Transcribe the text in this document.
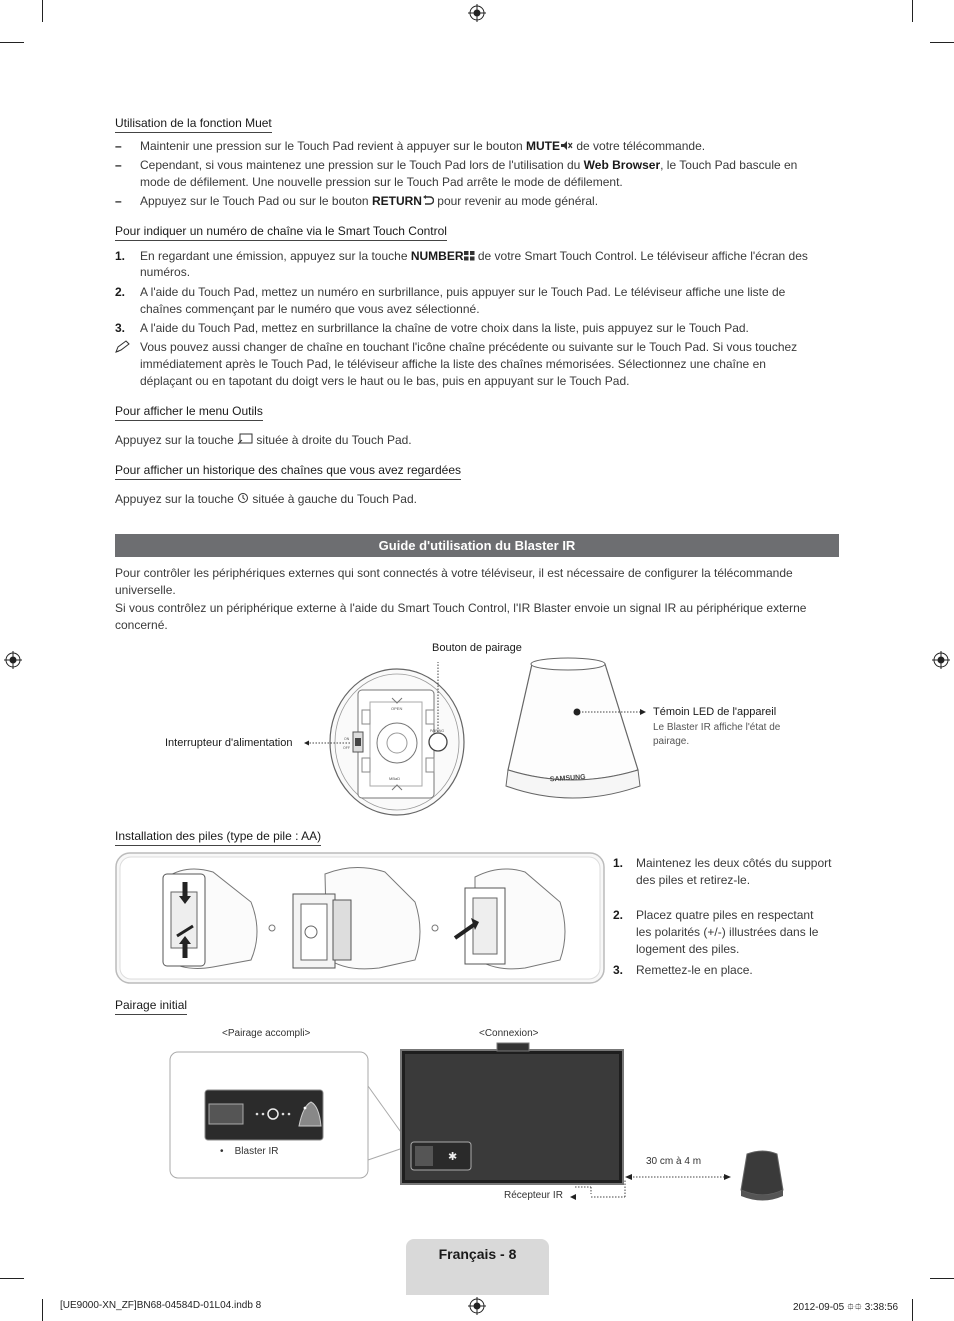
Utilisation de la fonction Muet
– Maintenir une pression sur le Touch Pad revient à appuyer sur le bouton MUTE de votre télécommande.
– Cependant, si vous maintenez une pression sur le Touch Pad lors de l'utilisation du Web Browser, le Touch Pad bascule en
mode de défilement. Une nouvelle pression sur le Touch Pad arrête le mode de défilement.
– Appuyez sur le Touch Pad ou sur le bouton RETURN pour revenir au mode général.
Pour indiquer un numéro de chaîne via le Smart Touch Control
1. En regardant une émission, appuyez sur la touche NUMBER de votre Smart Touch Control. Le téléviseur affiche l'écran des
numéros.
2. A l'aide du Touch Pad, mettez un numéro en surbrillance, puis appuyer sur le Touch Pad. Le téléviseur affiche une liste de
chaînes commençant par le numéro que vous avez sélectionné.
3. A l'aide du Touch Pad, mettez en surbrillance la chaîne de votre choix dans la liste, puis appuyez sur le Touch Pad.
Vous pouvez aussi changer de chaîne en touchant l'icône chaîne précédente ou suivante sur le Touch Pad. Si vous touchez
immédiatement après le Touch Pad, le téléviseur affiche la liste des chaînes mémorisées. Sélectionnez une chaîne en
déplaçant ou en tapotant du doigt vers le haut ou le bas, puis en appuyant sur le Touch Pad.
Pour afficher le menu Outils
Appuyez sur la touche  située à droite du Touch Pad.
Pour afficher un historique des chaînes que vous avez regardées
Appuyez sur la touche  située à gauche du Touch Pad.
Guide d'utilisation du Blaster IR
Pour contrôler les périphériques externes qui sont connectés à votre téléviseur, il est nécessaire de configurer la télécommande
universelle.
Si vous contrôlez un périphérique externe à l'aide du Smart Touch Control, l'IR Blaster envoie un signal IR au périphérique externe
concerné.
Bouton de pairage
Interrupteur d'alimentation
Témoin LED de l'appareil
Le Blaster IR affiche l'état de
pairage.
OPEN
PAIRING
ON
OFF
MBaD	SAMSUNG
Installation des piles (type de pile : AA)
1. Maintenez les deux côtés du support
des piles et retirez-le.
2. Placez quatre piles en respectant
les polarités (+/-) illustrées dans le
logement des piles.
3. Remettez-le en place.
Pairage initial
<Pairage accompli>	<Connexion>
✱
•    Blaster IR
30 cm à 4 m
Récepteur IR
Français - 8
[UE9000-XN_ZF]BN68-04584D-01L04.indb 8	2012-09-05 ⯐⯐ 3:38:56
